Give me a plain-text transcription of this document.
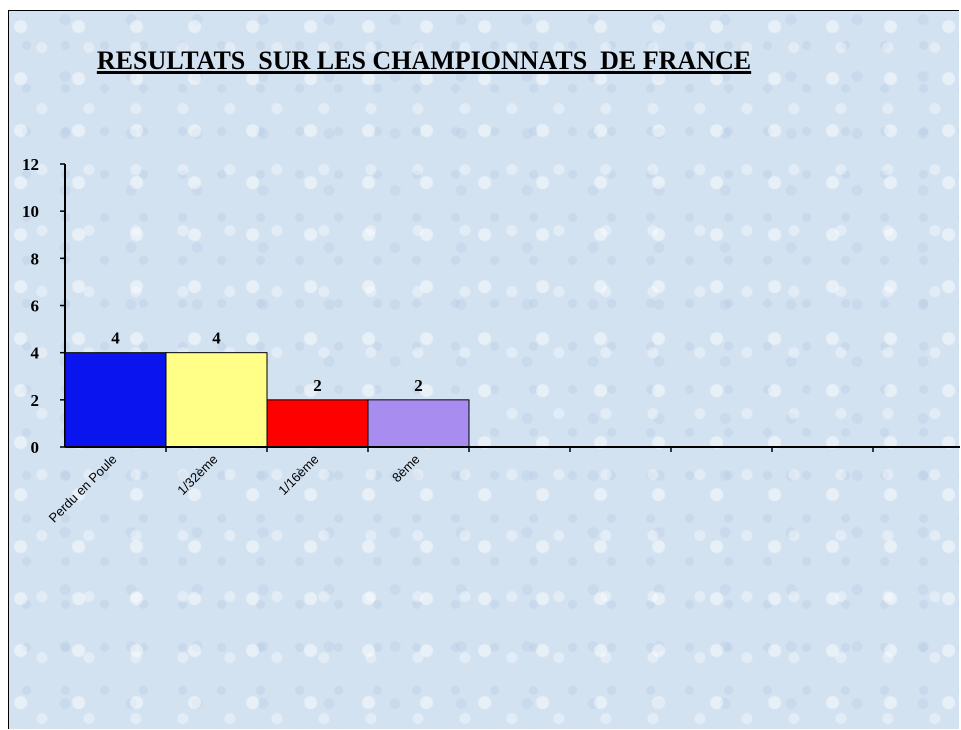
RESULTATS  SUR LES CHAMPIONNATS  DE FRANCE
0
2
4
6
8
10
12
4	4
2	2
Perdu en Poule	1/32ème	1/16ème	8ème
